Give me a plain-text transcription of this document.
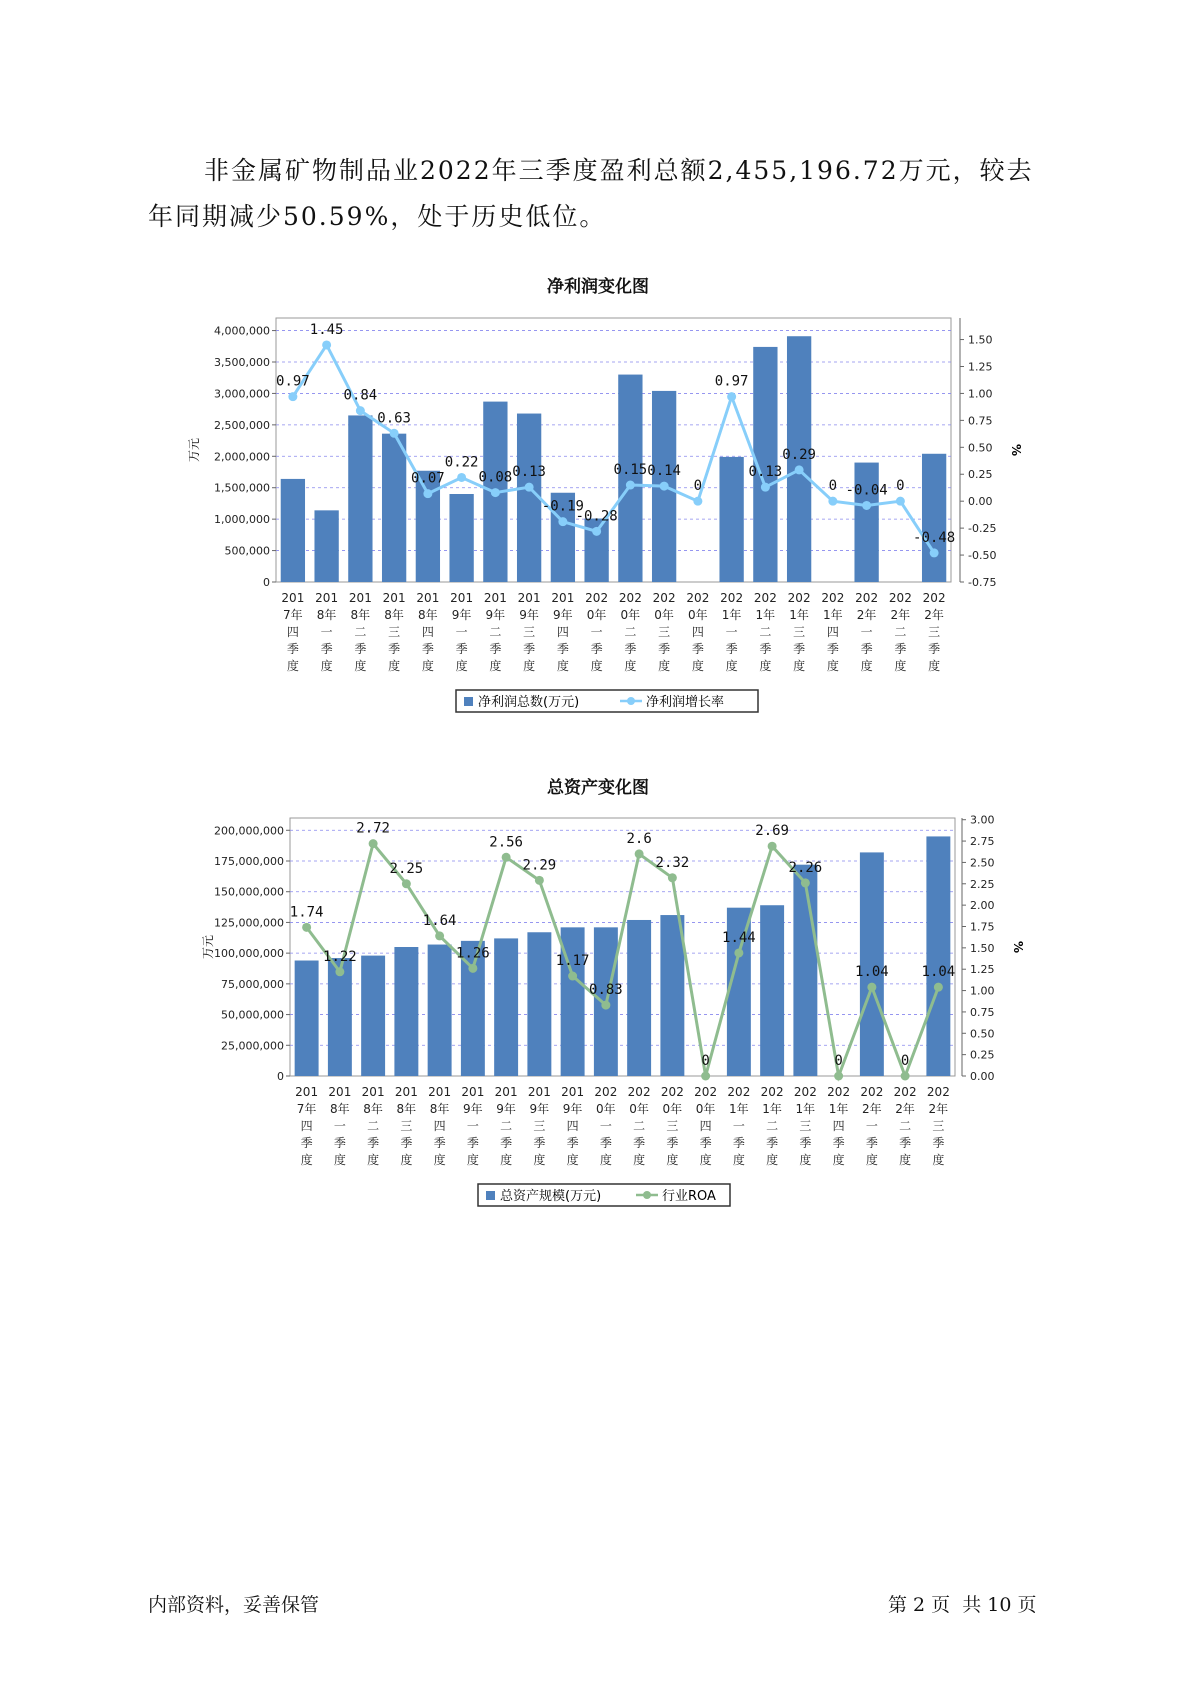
非金属矿物制品业2022年三季度盈利总额2,455,196.72万元，较去年同期减少50.59%，处于历史低位。

净利润变化图
0
500,000
1,000,000
1,500,000
2,000,000
2,500,000
3,000,000
3,500,000
4,000,000
-0.75
-0.50
-0.25
0.00
0.25
0.50
0.75
1.00
1.25
1.50
万元	%
0.97
1.45
0.84
0.63
0.07
0.22
0.08 0.13
-0.19
-0.28
0.15 0.14
0
0.97
0.13
0.29
0 -0.04 0
-0.48
201 7年四季度
201 8年一季度
201 8年二季度
201 8年三季度
201 8年四季度
201 9年一季度
201 9年二季度
201 9年三季度
201 9年四季度
202 0年一季度
202 0年二季度
202 0年三季度
202 0年四季度
202 1年一季度
202 1年二季度
202 1年三季度
202 1年四季度
202 2年一季度
202 2年二季度
202 2年三季度
净利润总数(万元)	净利润增长率
总资产变化图
0
25,000,000
50,000,000
75,000,000
100,000,000
125,000,000
150,000,000
175,000,000
200,000,000
0.00
0.25
0.50
0.75
1.00
1.25
1.50
1.75
2.00
2.25
2.50
2.75
3.00
万元	%
1.74
1.22
2.72
2.25
1.64
1.26
2.56
2.29
1.17
0.83
2.6
2.32
0
1.44
2.69
2.26
0
1.04
0
1.04
201 7年四季度
201 8年一季度
201 8年二季度
201 8年三季度
201 8年四季度
201 9年一季度
201 9年二季度
201 9年三季度
201 9年四季度
202 0年一季度
202 0年二季度
202 0年三季度
202 0年四季度
202 1年一季度
202 1年二季度
202 1年三季度
202 1年四季度
202 2年一季度
202 2年二季度
202 2年三季度
总资产规模(万元)	行业ROA
内部资料，妥善保管	第 2 页  共 10 页
